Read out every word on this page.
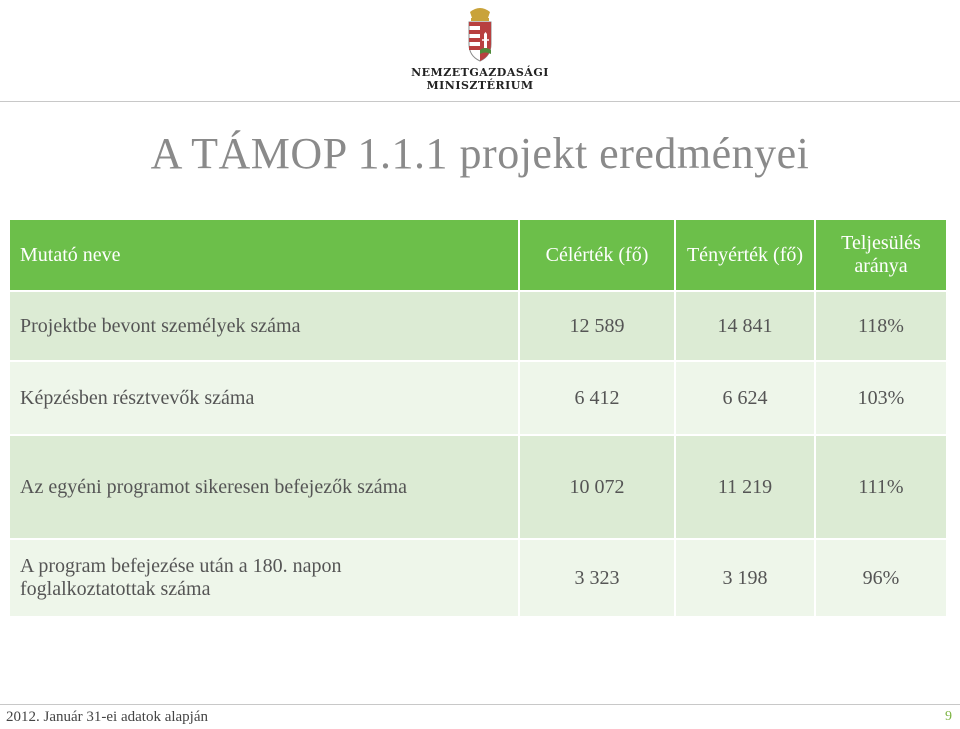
NEMZETGAZDASÁGI
MINISZTÉRIUM
A TÁMOP 1.1.1 projekt eredményei
Mutató neve	Célérték (fő)	Tényérték (fő)	Teljesülés aránya
Projektbe bevont személyek száma	12 589	14 841	118%
Képzésben résztvevők száma	6 412	6 624	103%
Az egyéni programot sikeresen befejezők száma	10 072	11 219	111%
A program befejezése után a 180. napon foglalkoztatottak száma	3 323	3 198	96%
2012. Január 31-ei adatok alapján	9
